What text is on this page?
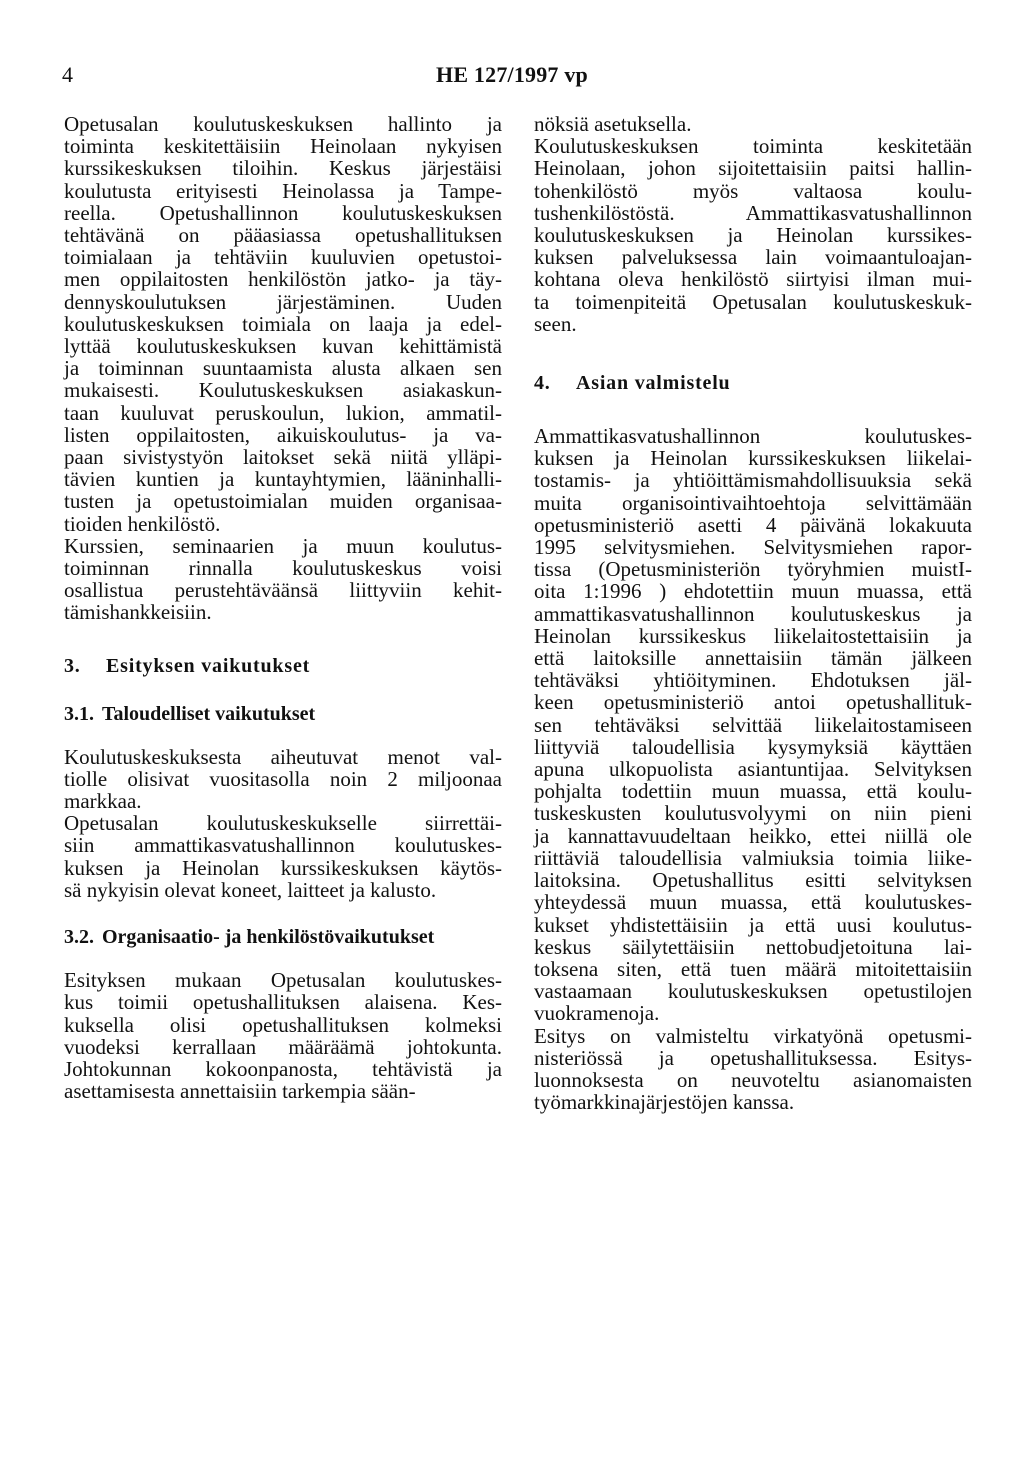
4	HE 127/1997 vp

Opetusalan koulutuskeskuksen hallinto ja
toiminta keskitettäisiin Heinolaan nykyisen
kurssikeskuksen tiloihin. Keskus järjestäisi
koulutusta erityisesti Heinolassa ja Tampe-
reella. Opetushallinnon koulutuskeskuksen
tehtävänä on pääasiassa opetushallituksen
toimialaan ja tehtäviin kuuluvien opetustoi-
men oppilaitosten henkilöstön jatko- ja täy-
dennyskoulutuksen järjestäminen. Uuden
koulutuskeskuksen toimiala on laaja ja edel-
lyttää koulutuskeskuksen kuvan kehittämistä
ja toiminnan suuntaamista alusta alkaen sen
mukaisesti. Koulutuskeskuksen asiakaskun-
taan kuuluvat peruskoulun, lukion, ammatil-
listen oppilaitosten, aikuiskoulutus- ja va-
paan sivistystyön laitokset sekä niitä ylläpi-
tävien kuntien ja kuntayhtymien, lääninhalli-
tusten ja opetustoimialan muiden organisaa-
tioiden henkilöstö.

Kurssien, seminaarien ja muun koulutus-
toiminnan rinnalla koulutuskeskus voisi
osallistua perustehtäväänsä liittyviin kehit-
tämishankkeisiin.

3. Esityksen vaikutukset
3.1. Taloudelliset vaikutukset

Koulutuskeskuksesta aiheutuvat menot val-
tiolle olisivat vuositasolla noin 2 miljoonaa
markkaa.

Opetusalan koulutuskeskukselle siirrettäi-
siin ammattikasvatushallinnon koulutuskes-
kuksen ja Heinolan kurssikeskuksen käytös-
sä nykyisin olevat koneet, laitteet ja kalusto.

3.2. Organisaatio- ja henkilöstövaikutukset

Esityksen mukaan Opetusalan koulutuskes-
kus toimii opetushallituksen alaisena. Kes-
kuksella olisi opetushallituksen kolmeksi
vuodeksi kerrallaan määräämä johtokunta.
Johtokunnan kokoonpanosta, tehtävistä ja
asettamisesta annettaisiin tarkempia sään-

nöksiä asetuksella.

Koulutuskeskuksen toiminta keskitetään
Heinolaan, johon sijoitettaisiin paitsi hallin-
tohenkilöstö myös valtaosa koulu-
tushenkilöstöstä. Ammattikasvatushallinnon
koulutuskeskuksen ja Heinolan kurssikes-
kuksen palveluksessa lain voimaantuloajan-
kohtana oleva henkilöstö siirtyisi ilman mui-
ta toimenpiteitä Opetusalan koulutuskeskuk-
seen.

4. Asian valmistelu

Ammattikasvatushallinnon koulutuskes-
kuksen ja Heinolan kurssikeskuksen liikelai-
tostamis- ja yhtiöittämismahdollisuuksia sekä
muita organisointivaihtoehtoja selvittämään
opetusministeriö asetti 4 päivänä lokakuuta
1995 selvitysmiehen. Selvitysmiehen rapor-
tissa (Opetusministeriön työryhmien muistI-
oita 1:1996 ) ehdotettiin muun muassa, että
ammattikasvatushallinnon koulutuskeskus ja
Heinolan kurssikeskus liikelaitostettaisiin ja
että laitoksille annettaisiin tämän jälkeen
tehtäväksi yhtiöityminen. Ehdotuksen jäl-
keen opetusministeriö antoi opetushallituk-
sen tehtäväksi selvittää liikelaitostamiseen
liittyviä taloudellisia kysymyksiä käyttäen
apuna ulkopuolista asiantuntijaa. Selvityksen
pohjalta todettiin muun muassa, että koulu-
tuskeskusten koulutusvolyymi on niin pieni
ja kannattavuudeltaan heikko, ettei niillä ole
riittäviä taloudellisia valmiuksia toimia liike-
laitoksina. Opetushallitus esitti selvityksen
yhteydessä muun muassa, että koulutuskes-
kukset yhdistettäisiin ja että uusi koulutus-
keskus säilytettäisiin nettobudjetoituna lai-
toksena siten, että tuen määrä mitoitettaisiin
vastaamaan koulutuskeskuksen opetustilojen
vuokramenoja.

Esitys on valmisteltu virkatyönä opetusmi-
nisteriössä ja opetushallituksessa. Esitys-
luonnoksesta on neuvoteltu asianomaisten
työmarkkinajärjestöjen kanssa.
